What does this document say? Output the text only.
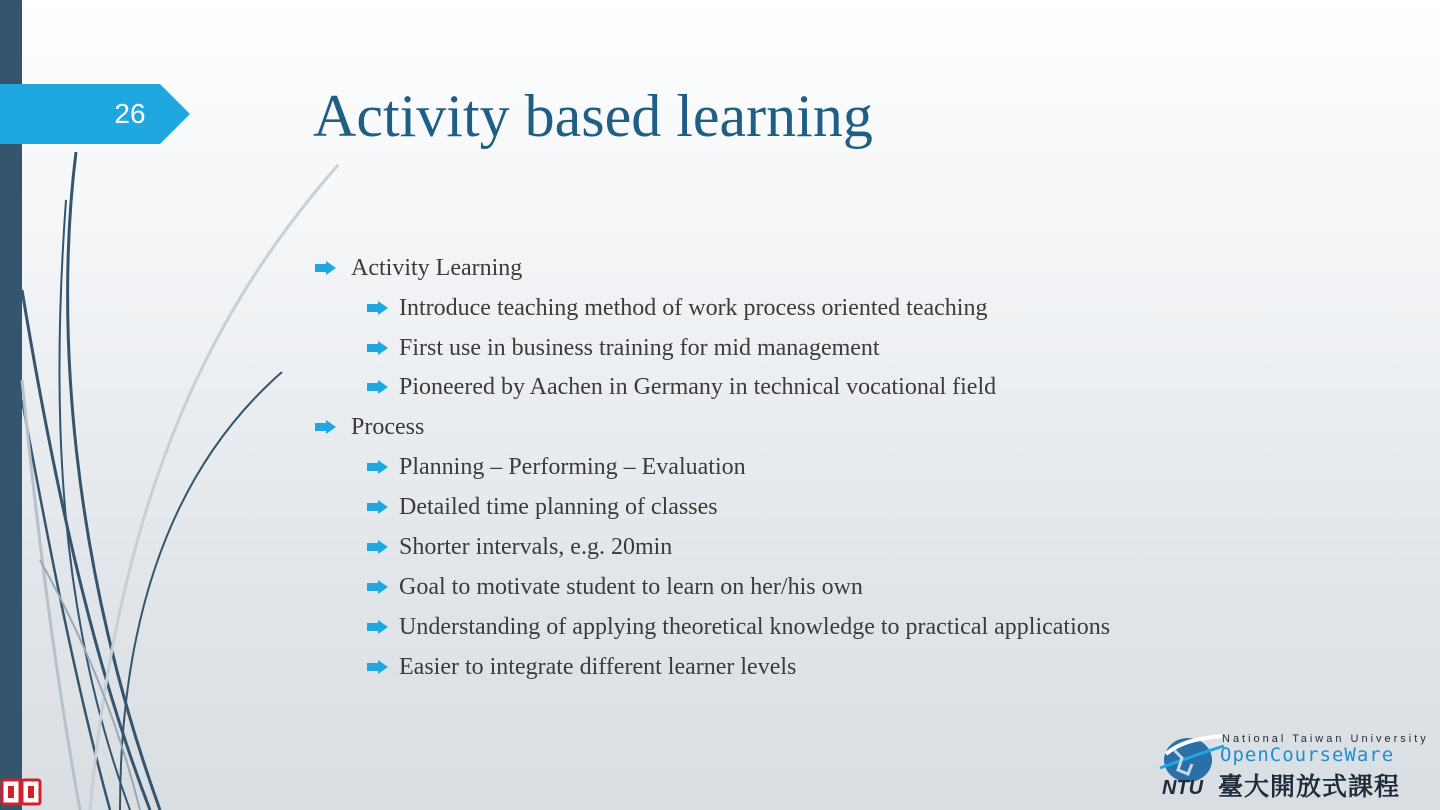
26	Activity based learning
Activity Learning
Introduce teaching method of work process oriented teaching
First use in business training for mid management
Pioneered by Aachen in Germany in technical vocational field
Process
Planning – Performing – Evaluation
Detailed time planning of classes
Shorter intervals, e.g. 20min
Goal to motivate student to learn on her/his own
Understanding of applying theoretical knowledge to practical applications
Easier to integrate different learner levels
NTU
National Taiwan University
OpenCourseWare
臺大開放式課程
